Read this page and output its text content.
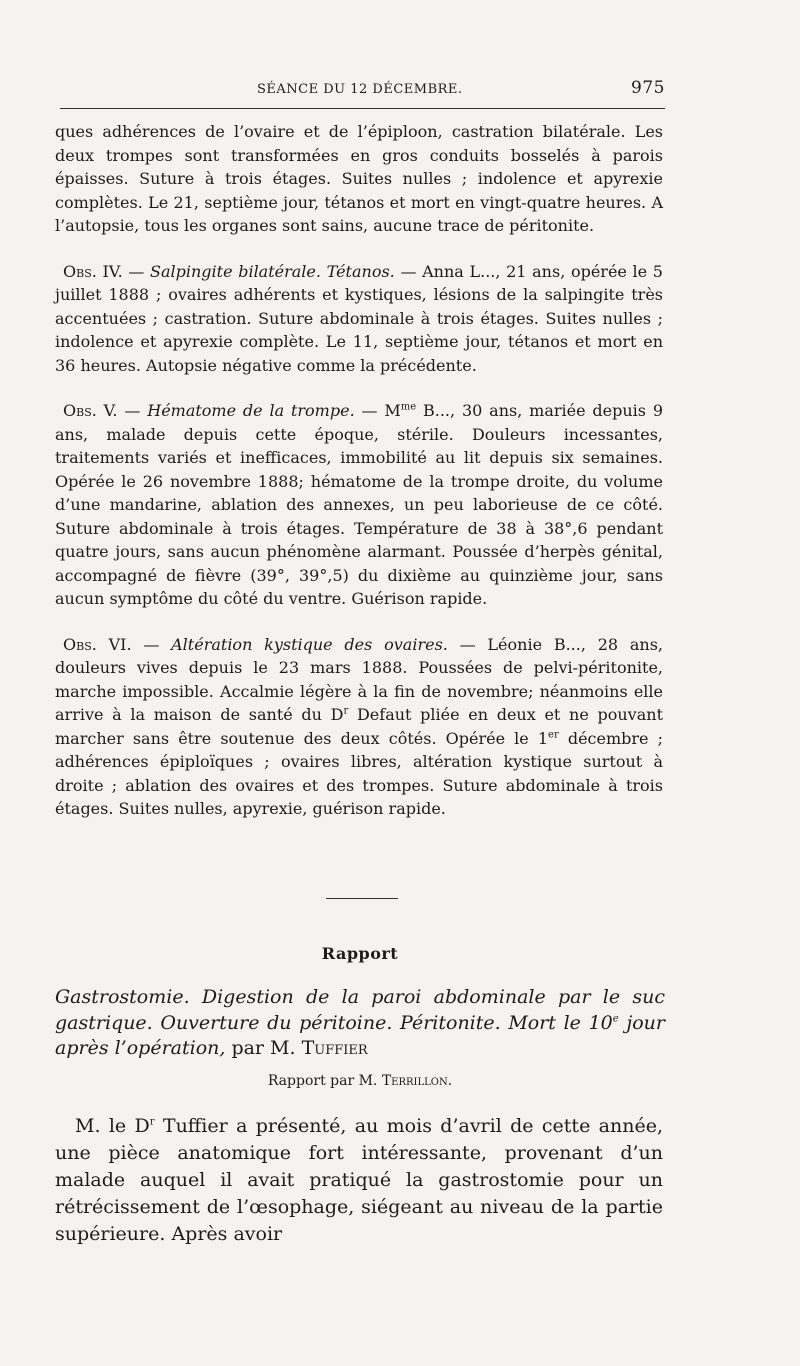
SÉANCE DU 12 DÉCEMBRE.	975

ques adhérences de l’ovaire et de l’épiploon, castration bilatérale. Les deux trompes sont transformées en gros conduits bosselés à parois épaisses. Suture à trois étages. Suites nulles ; indolence et apyrexie complètes. Le 21, septième jour, tétanos et mort en vingt-quatre heures. A l’autopsie, tous les organes sont sains, aucune trace de péritonite.

Obs. IV. — Salpingite bilatérale. Tétanos. — Anna L..., 21 ans, opérée le 5 juillet 1888 ; ovaires adhérents et kystiques, lésions de la salpingite très accentuées ; castration. Suture abdominale à trois étages. Suites nulles ; indolence et apyrexie complète. Le 11, septième jour, tétanos et mort en 36 heures. Autopsie négative comme la précédente.

Obs. V. — Hématome de la trompe. — $M^{me}$ B..., 30 ans, mariée depuis 9 ans, malade depuis cette époque, stérile. Douleurs incessantes, traitements variés et inefficaces, immobilité au lit depuis six semaines. Opérée le 26 novembre 1888; hématome de la trompe droite, du volume d’une mandarine, ablation des annexes, un peu laborieuse de ce côté. Suture abdominale à trois étages. Température de 38 à 38°,6 pendant quatre jours, sans aucun phénomène alarmant. Poussée d’herpès génital, accompagné de fièvre (39°, 39°,5) du dixième au quinzième jour, sans aucun symptôme du côté du ventre. Guérison rapide.

Obs. VI. — Altération kystique des ovaires. — Léonie B..., 28 ans, douleurs vives depuis le 23 mars 1888. Poussées de pelvi-péritonite, marche impossible. Accalmie légère à la fin de novembre; néanmoins elle arrive à la maison de santé du $D^r$ Defaut pliée en deux et ne pouvant marcher sans être soutenue des deux côtés. Opérée le 1er décembre ; adhérences épiploïques ; ovaires libres, altération kystique surtout à droite ; ablation des ovaires et des trompes. Suture abdominale à trois étages. Suites nulles, apyrexie, guérison rapide.

Rapport
Gastrostomie. Digestion de la paroi abdominale par le suc gastrique. Ouverture du péritoine. Péritonite. Mort le 10e jour après l’opération, par M. Tuffier
Rapport par M. Terrillon.
M. le $D^r$ Tuffier a présenté, au mois d’avril de cette année, une pièce anatomique fort intéressante, provenant d’un malade auquel il avait pratiqué la gastrostomie pour un rétrécissement de l’œsophage, siégeant au niveau de la partie supérieure. Après avoir
